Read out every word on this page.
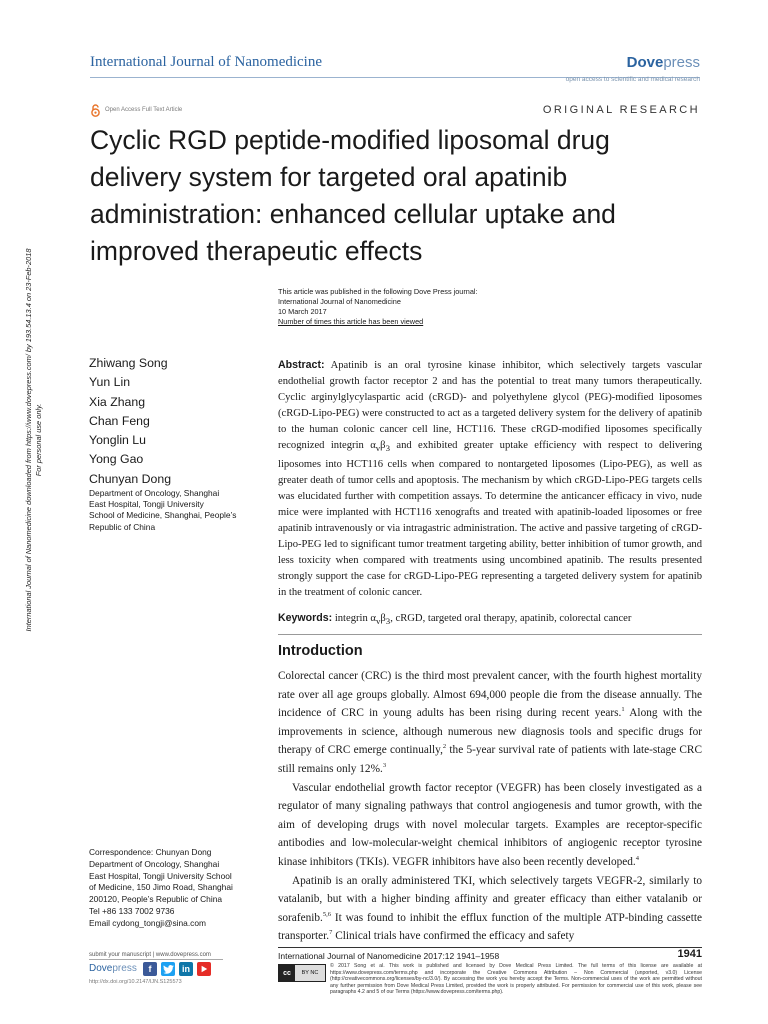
International Journal of Nanomedicine	Dovepress
open access to scientific and medical research
Open Access Full Text Article	ORIGINAL RESEARCH
Cyclic RGD peptide-modified liposomal drug delivery system for targeted oral apatinib administration: enhanced cellular uptake and improved therapeutic effects
This article was published in the following Dove Press journal:
International Journal of Nanomedicine
10 March 2017
Number of times this article has been viewed
International Journal of Nanomedicine downloaded from https://www.dovepress.com/ by 193.54.13.4 on 23-Feb-2018 For personal use only.
Zhiwang Song
Yun Lin
Xia Zhang
Chan Feng
Yonglin Lu
Yong Gao
Chunyan Dong
Department of Oncology, Shanghai
East Hospital, Tongji University
School of Medicine, Shanghai, People’s
Republic of China
Abstract: Apatinib is an oral tyrosine kinase inhibitor, which selectively targets vascular endothelial growth factor receptor 2 and has the potential to treat many tumors therapeutically. Cyclic arginylglycylaspartic acid (cRGD)- and polyethylene glycol (PEG)-modified liposomes (cRGD-Lipo-PEG) were constructed to act as a targeted delivery system for the delivery of apatinib to the human colonic cancer cell line, HCT116. These cRGD-modified liposomes specifically recognized integrin $\alpha_v\beta_3$ and exhibited greater uptake efficiency with respect to delivering liposomes into HCT116 cells when compared to nontargeted liposomes (Lipo-PEG), as well as greater death of tumor cells and apoptosis. The mechanism by which cRGD-Lipo-PEG targets cells was elucidated further with competition assays. To determine the anticancer efficacy in vivo, nude mice were implanted with HCT116 xenografts and treated with apatinib-loaded liposomes or free apatinib intravenously or via intragastric administration. The active and passive targeting of cRGD-Lipo-PEG led to significant tumor treatment targeting ability, better inhibition of tumor growth, and less toxicity when compared with treatments using uncombined apatinib. The results presented strongly support the case for cRGD-Lipo-PEG representing a targeted delivery system for apatinib in the treatment of colonic cancer.
Keywords: integrin $\alpha_v\beta_3$, cRGD, targeted oral therapy, apatinib, colorectal cancer
Introduction

Colorectal cancer (CRC) is the third most prevalent cancer, with the fourth highest mortality rate over all age groups globally. Almost 694,000 people die from the disease annually. The incidence of CRC in young adults has been rising during recent years.$^1$ Along with the improvements in science, although numerous new diagnosis tools and specific drugs for therapy of CRC emerge continually,$^2$ the 5-year survival rate of patients with late-stage CRC still remains only 12%.$^3$

Vascular endothelial growth factor receptor (VEGFR) has been closely investigated as a regulator of many signaling pathways that control angiogenesis and tumor growth, with the aim of developing drugs with novel molecular targets. Examples are receptor-specific antibodies and low-molecular-weight chemical inhibitors of angiogenic receptor tyrosine kinase inhibitors (TKIs). VEGFR inhibitors have also been recently developed.$^4$

Apatinib is an orally administered TKI, which selectively targets VEGFR-2, similarly to vatalanib, but with a higher binding affinity and greater efficacy than either vatalanib or sorafenib.$^{5,6}$ It was found to inhibit the efflux function of the multiple ATP-binding cassette transporter.$^7$ Clinical trials have confirmed the efficacy and safety

Correspondence: Chunyan Dong
Department of Oncology, Shanghai
East Hospital, Tongji University School
of Medicine, 150 Jimo Road, Shanghai
200120, People’s Republic of China
Tel +86 133 7002 9736
Email cydong_tongji@sina.com
submit your manuscript | www.dovepress.com
Dovepress	f	in
http://dx.doi.org/10.2147/IJN.S125573
International Journal of Nanomedicine 2017:12 1941–1958	1941
cc	BY NC
© 2017 Song et al. This work is published and licensed by Dove Medical Press Limited. The full terms of this license are available at https://www.dovepress.com/terms.php and incorporate the Creative Commons Attribution – Non Commercial (unported, v3.0) License (http://creativecommons.org/licenses/by-nc/3.0/). By accessing the work you hereby accept the Terms. Non-commercial uses of the work are permitted without any further permission from Dove Medical Press Limited, provided the work is properly attributed. For permission for commercial use of this work, please see paragraphs 4.2 and 5 of our Terms (https://www.dovepress.com/terms.php).
